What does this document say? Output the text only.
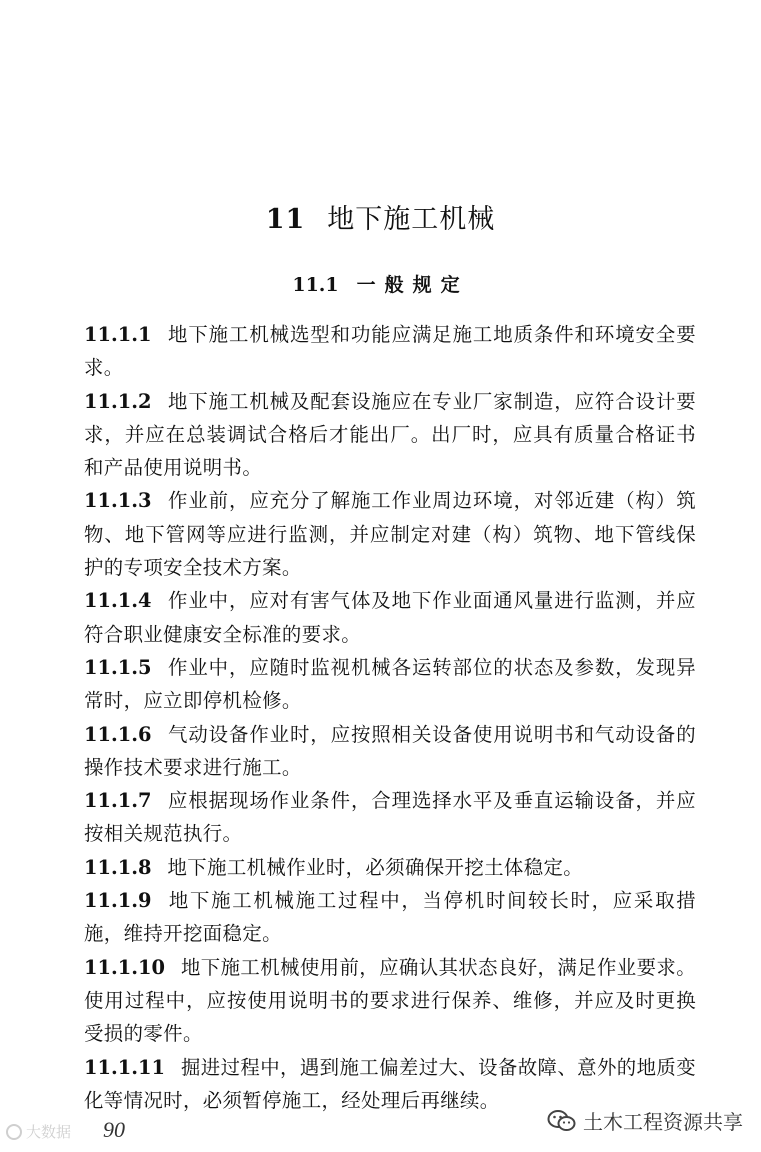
11 地下施工机械
11.1 一般规定

11.1.1 地下施工机械选型和功能应满足施工地质条件和环境安全要求。

11.1.2 地下施工机械及配套设施应在专业厂家制造，应符合设计要求，并应在总装调试合格后才能出厂。出厂时，应具有质量合格证书和产品使用说明书。

11.1.3 作业前，应充分了解施工作业周边环境，对邻近建（构）筑物、地下管网等应进行监测，并应制定对建（构）筑物、地下管线保护的专项安全技术方案。

11.1.4 作业中，应对有害气体及地下作业面通风量进行监测，并应符合职业健康安全标准的要求。

11.1.5 作业中，应随时监视机械各运转部位的状态及参数，发现异常时，应立即停机检修。

11.1.6 气动设备作业时，应按照相关设备使用说明书和气动设备的操作技术要求进行施工。

11.1.7 应根据现场作业条件，合理选择水平及垂直运输设备，并应按相关规范执行。

11.1.8 地下施工机械作业时，必须确保开挖土体稳定。

11.1.9 地下施工机械施工过程中，当停机时间较长时，应采取措施，维持开挖面稳定。

11.1.10 地下施工机械使用前，应确认其状态良好，满足作业要求。使用过程中，应按使用说明书的要求进行保养、维修，并应及时更换受损的零件。

11.1.11 掘进过程中，遇到施工偏差过大、设备故障、意外的地质变化等情况时，必须暂停施工，经处理后再继续。

90
大数据	土木工程资源共享
